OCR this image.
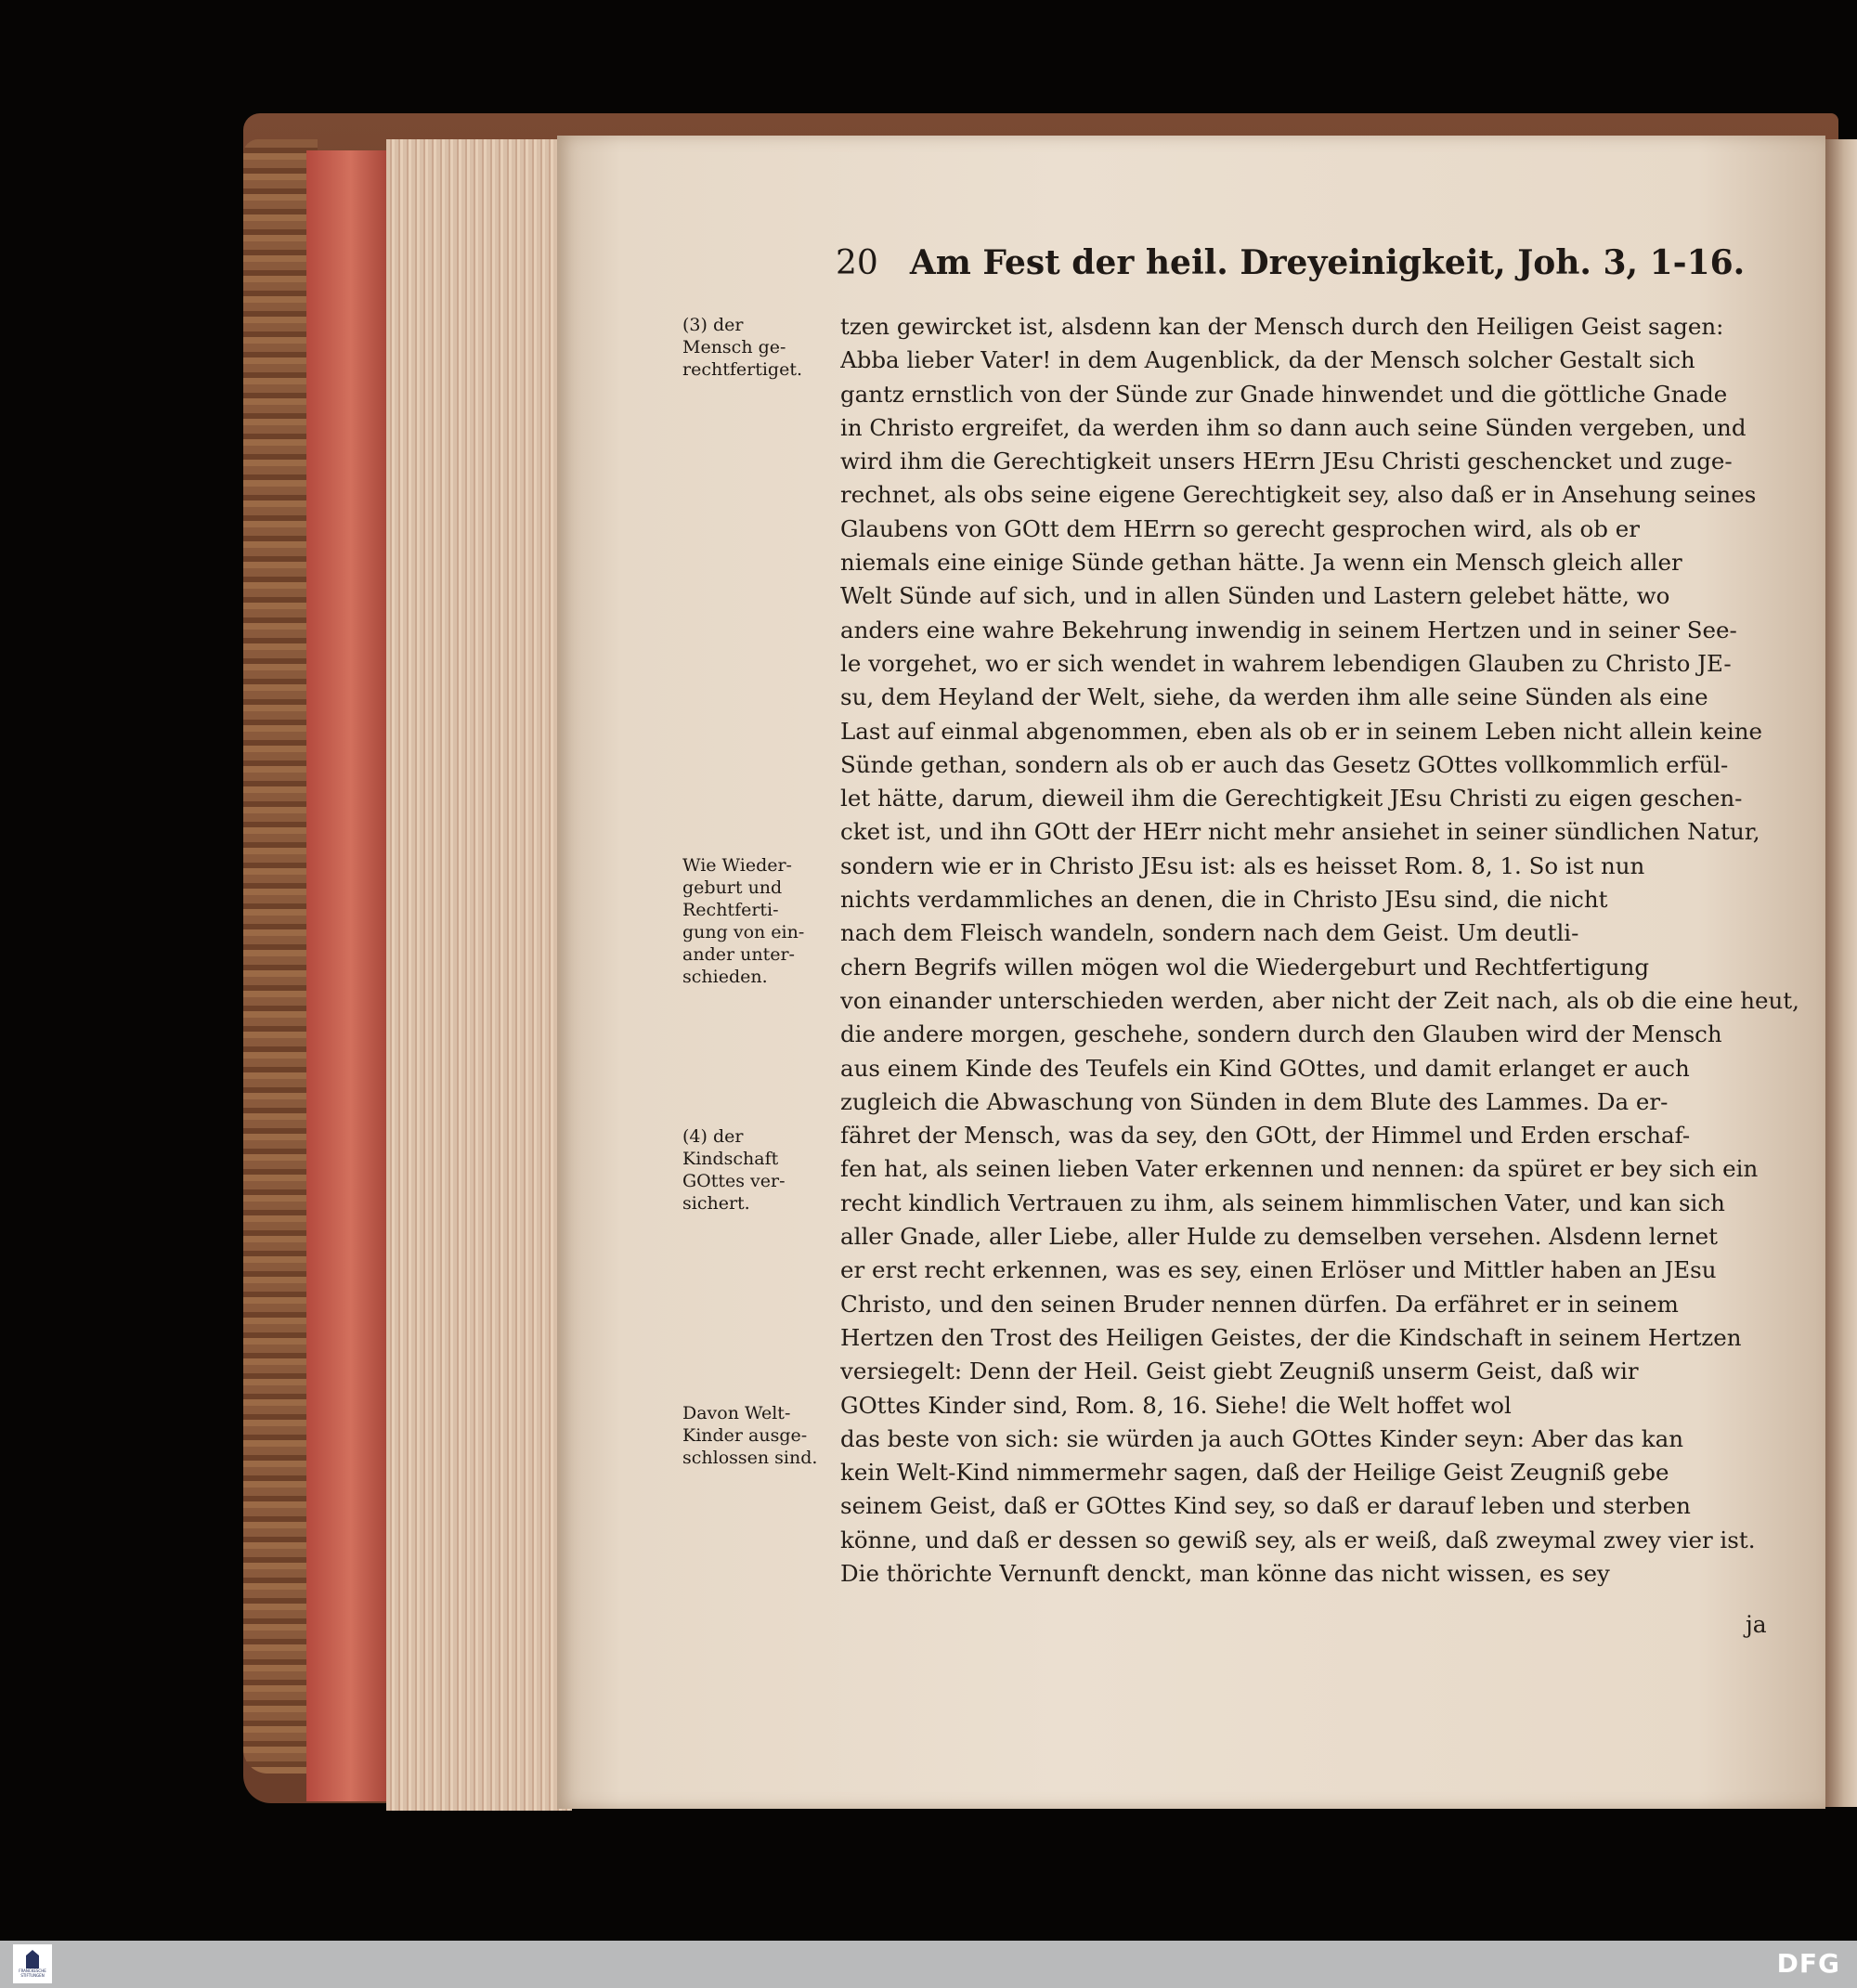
20 Am Fest der heil. Dreyeinigkeit, Joh. 3, 1-16.
(3) der
Mensch ge-
rechtfertiget.
Wie Wieder-
geburt und
Rechtferti-
gung von ein-
ander unter-
schieden.
(4) der
Kindschaft
GOttes ver-
sichert.
Davon Welt-
Kinder ausge-
schlossen sind.
tzen gewircket ist, alsdenn kan der Mensch durch den Heiligen Geist sagen:
Abba lieber Vater! in dem Augenblick, da der Mensch solcher Gestalt sich
gantz ernstlich von der Sünde zur Gnade hinwendet und die göttliche Gnade
in Christo ergreifet, da werden ihm so dann auch seine Sünden vergeben, und
wird ihm die Gerechtigkeit unsers HErrn JEsu Christi geschencket und zuge-
rechnet, als obs seine eigene Gerechtigkeit sey, also daß er in Ansehung seines
Glaubens von GOtt dem HErrn so gerecht gesprochen wird, als ob er
niemals eine einige Sünde gethan hätte. Ja wenn ein Mensch gleich aller
Welt Sünde auf sich, und in allen Sünden und Lastern gelebet hätte, wo
anders eine wahre Bekehrung inwendig in seinem Hertzen und in seiner See-
le vorgehet, wo er sich wendet in wahrem lebendigen Glauben zu Christo JE-
su, dem Heyland der Welt, siehe, da werden ihm alle seine Sünden als eine
Last auf einmal abgenommen, eben als ob er in seinem Leben nicht allein keine
Sünde gethan, sondern als ob er auch das Gesetz GOttes vollkommlich erfül-
let hätte, darum, dieweil ihm die Gerechtigkeit JEsu Christi zu eigen geschen-
cket ist, und ihn GOtt der HErr nicht mehr ansiehet in seiner sündlichen Natur,
sondern wie er in Christo JEsu ist: als es heisset Rom. 8, 1. So ist nun
nichts verdammliches an denen, die in Christo JEsu sind, die nicht
nach dem Fleisch wandeln, sondern nach dem Geist. Um deutli-
chern Begrifs willen mögen wol die Wiedergeburt und Rechtfertigung
von einander unterschieden werden, aber nicht der Zeit nach, als ob die eine heut,
die andere morgen, geschehe, sondern durch den Glauben wird der Mensch
aus einem Kinde des Teufels ein Kind GOttes, und damit erlanget er auch
zugleich die Abwaschung von Sünden in dem Blute des Lammes. Da er-
fähret der Mensch, was da sey, den GOtt, der Himmel und Erden erschaf-
fen hat, als seinen lieben Vater erkennen und nennen: da spüret er bey sich ein
recht kindlich Vertrauen zu ihm, als seinem himmlischen Vater, und kan sich
aller Gnade, aller Liebe, aller Hulde zu demselben versehen. Alsdenn lernet
er erst recht erkennen, was es sey, einen Erlöser und Mittler haben an JEsu
Christo, und den seinen Bruder nennen dürfen. Da erfähret er in seinem
Hertzen den Trost des Heiligen Geistes, der die Kindschaft in seinem Hertzen
versiegelt: Denn der Heil. Geist giebt Zeugniß unserm Geist, daß wir
GOttes Kinder sind, Rom. 8, 16. Siehe! die Welt hoffet wol
das beste von sich: sie würden ja auch GOttes Kinder seyn: Aber das kan
kein Welt-Kind nimmermehr sagen, daß der Heilige Geist Zeugniß gebe
seinem Geist, daß er GOttes Kind sey, so daß er darauf leben und sterben
könne, und daß er dessen so gewiß sey, als er weiß, daß zweymal zwey vier ist.
Die thörichte Vernunft denckt, man könne das nicht wissen, es sey
ja
FRANCKESCHE STIFTUNGEN	DFG
